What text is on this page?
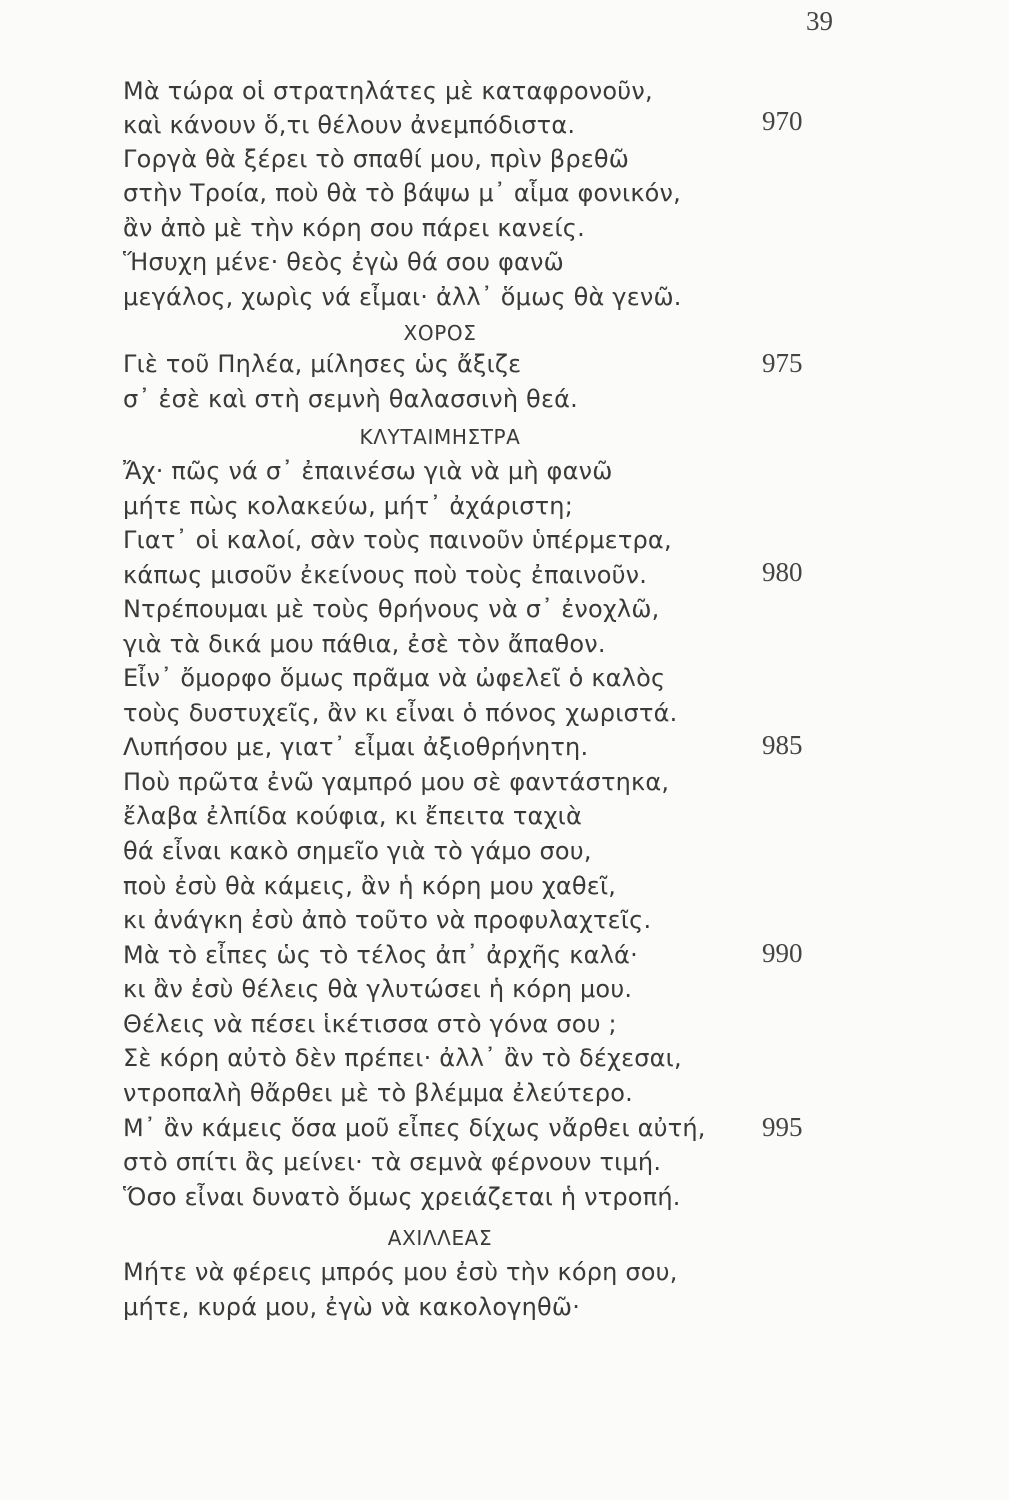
39
Μὰ τώρα οἱ στρατηλάτες μὲ καταφρονοῦν,
καὶ κάνουν ὅ,τι θέλουν ἀνεμπόδιστα.
Γοργὰ θὰ ξέρει τὸ σπαθί μου, πρὶν βρεθῶ
στὴν Τροία, ποὺ θὰ τὸ βάψω μ᾿ αἷμα φονικόν,
ἂν ἀπὸ μὲ τὴν κόρη σου πάρει κανείς.
Ἥσυχη μένε· θεὸς ἐγὼ θά σου φανῶ
μεγάλος, χωρὶς νά εἶμαι· ἀλλ᾿ ὅμως θὰ γενῶ.
ΧΟΡΟΣ
Γιὲ τοῦ Πηλέα, μίλησες ὡς ἄξιζε
σ᾿ ἐσὲ καὶ στὴ σεμνὴ θαλασσινὴ θεά.
ΚΛΥΤΑΙΜΗΣΤΡΑ
Ἄχ· πῶς νά σ᾿ ἐπαινέσω γιὰ νὰ μὴ φανῶ
μήτε πὼς κολακεύω, μήτ᾿ ἀχάριστη;
Γιατ᾿ οἱ καλοί, σὰν τοὺς παινοῦν ὑπέρμετρα,
κάπως μισοῦν ἐκείνους ποὺ τοὺς ἐπαινοῦν.
Ντρέπουμαι μὲ τοὺς θρήνους νὰ σ᾿ ἐνοχλῶ,
γιὰ τὰ δικά μου πάθια, ἐσὲ τὸν ἄπαθον.
Εἶν᾿ ὄμορφο ὅμως πρᾶμα νὰ ὠφελεῖ ὁ καλὸς
τοὺς δυστυχεῖς, ἂν κι εἶναι ὁ πόνος χωριστά.
Λυπήσου με, γιατ᾿ εἶμαι ἀξιοθρήνητη.
Ποὺ πρῶτα ἐνῶ γαμπρό μου σὲ φαντάστηκα,
ἔλαβα ἐλπίδα κούφια, κι ἔπειτα ταχιὰ
θά εἶναι κακὸ σημεῖο γιὰ τὸ γάμο σου,
ποὺ ἐσὺ θὰ κάμεις, ἂν ἡ κόρη μου χαθεῖ,
κι ἀνάγκη ἐσὺ ἀπὸ τοῦτο νὰ προφυλαχτεῖς.
Μὰ τὸ εἶπες ὡς τὸ τέλος ἀπ᾿ ἀρχῆς καλά·
κι ἂν ἐσὺ θέλεις θὰ γλυτώσει ἡ κόρη μου.
Θέλεις νὰ πέσει ἱκέτισσα στὸ γόνα σου ;
Σὲ κόρη αὐτὸ δὲν πρέπει· ἀλλ᾿ ἂν τὸ δέχεσαι,
ντροπαλὴ θἄρθει μὲ τὸ βλέμμα ἐλεύτερο.
Μ᾿ ἂν κάμεις ὅσα μοῦ εἶπες δίχως νἄρθει αὐτή,
στὸ σπίτι ἂς μείνει· τὰ σεμνὰ φέρνουν τιμή.
Ὅσο εἶναι δυνατὸ ὅμως χρειάζεται ἡ ντροπή.
ΑΧΙΛΛΕΑΣ
Μήτε νὰ φέρεις μπρός μου ἐσὺ τὴν κόρη σου,
μήτε, κυρά μου, ἐγὼ νὰ κακολογηθῶ·
970
975
980
985
990
995
